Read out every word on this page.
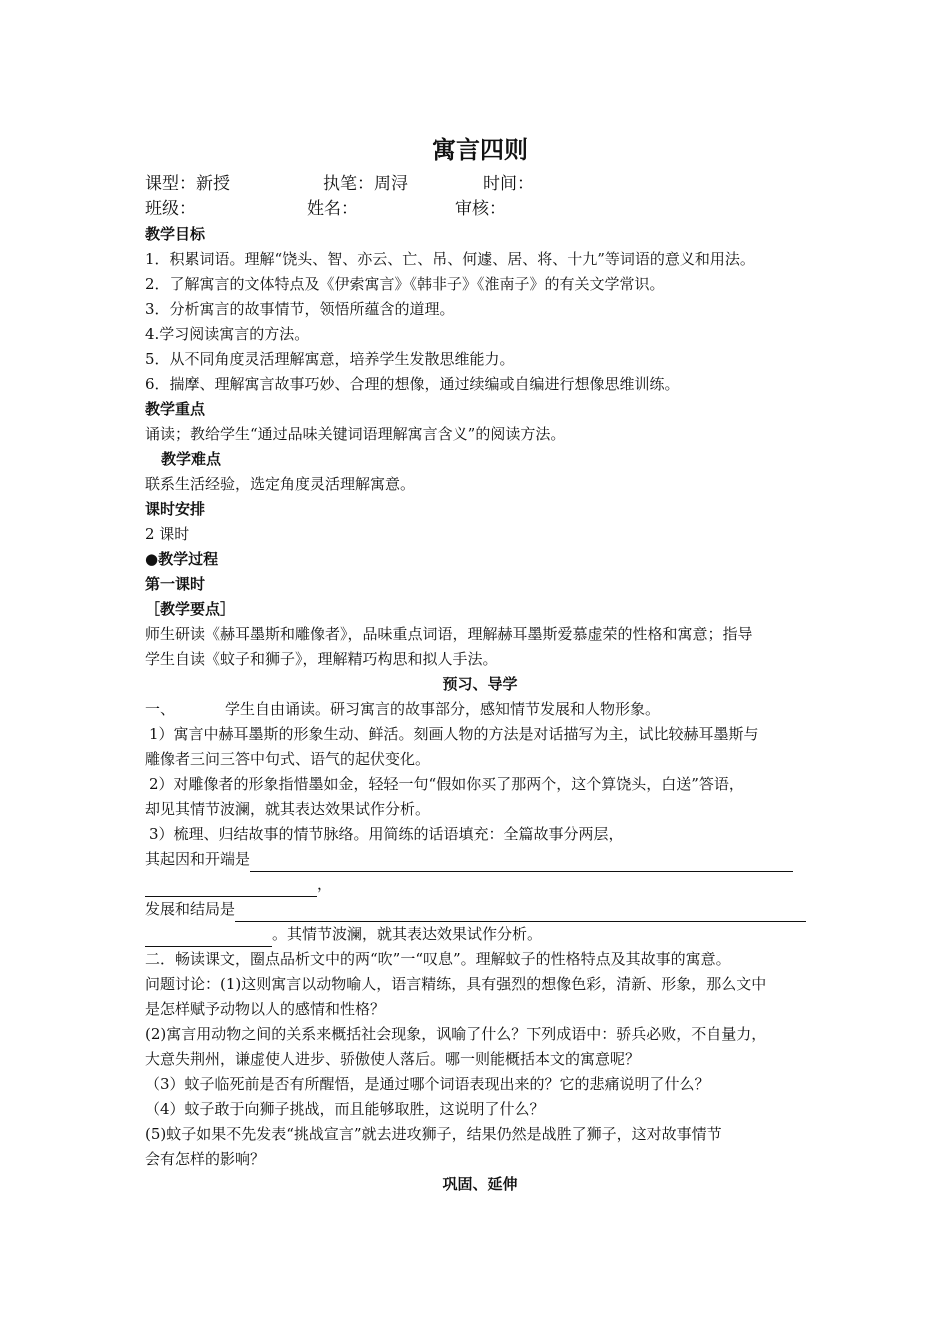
寓言四则
课型：新授	执笔：周浔	时间：
班级：	姓名：	审核：
教学目标
1．积累词语。理解“饶头、智、亦云、亡、吊、何遽、居、将、十九”等词语的意义和用法。
2．了解寓言的文体特点及《伊索寓言》《韩非子》《淮南子》的有关文学常识。
3．分析寓言的故事情节，领悟所蕴含的道理。
4.学习阅读寓言的方法。
5．从不同角度灵活理解寓意，培养学生发散思维能力。
6．揣摩、理解寓言故事巧妙、合理的想像，通过续编或自编进行想像思维训练。
教学重点
诵读；教给学生“通过品味关键词语理解寓言含义”的阅读方法。
教学难点
联系生活经验，选定角度灵活理解寓意。
课时安排
2 课时
●教学过程
第一课时
［教学要点］
师生研读《赫耳墨斯和雕像者》，品味重点词语，理解赫耳墨斯爱慕虚荣的性格和寓意；指导
学生自读《蚊子和狮子》，理解精巧构思和拟人手法。
预习、导学
一、	学生自由诵读。研习寓言的故事部分，感知情节发展和人物形象。
1）寓言中赫耳墨斯的形象生动、鲜活。刻画人物的方法是对话描写为主，试比较赫耳墨斯与
雕像者三问三答中句式、语气的起伏变化。
2）对雕像者的形象指惜墨如金，轻轻一句“假如你买了那两个，这个算饶头，白送”答语，
却见其情节波澜，就其表达效果试作分析。
3）梳理、归结故事的情节脉络。用简练的话语填充：全篇故事分两层，
其起因和开端是
，
发展和结局是
。其情节波澜，就其表达效果试作分析。
二．畅读课文，圈点品析文中的两“吹”一“叹息”。理解蚊子的性格特点及其故事的寓意。
问题讨论：(1)这则寓言以动物喻人，语言精练，具有强烈的想像色彩，清新、形象，那么文中
是怎样赋予动物以人的感情和性格？
(2)寓言用动物之间的关系来概括社会现象，讽喻了什么？下列成语中：骄兵必败，不自量力，
大意失荆州，谦虚使人进步、骄傲使人落后。哪一则能概括本文的寓意呢？
（3）蚊子临死前是否有所醒悟，是通过哪个词语表现出来的？它的悲痛说明了什么？
（4）蚊子敢于向狮子挑战，而且能够取胜，这说明了什么？
(5)蚊子如果不先发表“挑战宣言”就去进攻狮子，结果仍然是战胜了狮子，这对故事情节
会有怎样的影响？
巩固、延伸
